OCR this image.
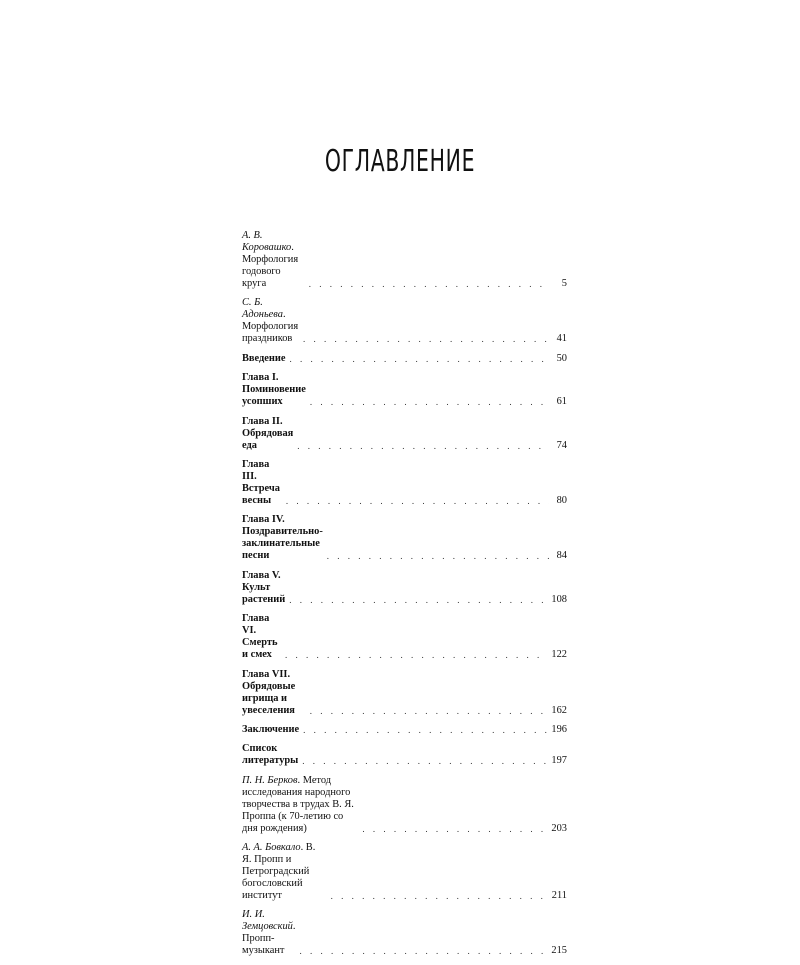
ОГЛАВЛЕНИЕ
А. В. Коровашко. Морфология годового круга . . .	5
С. Б. Адоньева. Морфология праздников . . .	41
Введение . . .	50
Глава I. Поминовение усопших . . .	61
Глава II. Обрядовая еда . . .	74
Глава III. Встреча весны . . .	80
Глава IV. Поздравительно-заклинательные песни . . .	84
Глава V. Культ растений . . .	108
Глава VI. Смерть и смех . . .	122
Глава VII. Обрядовые игрища и увеселения . . .	162
Заключение . . .	196
Список литературы . . .	197
П. Н. Берков. Метод исследования народного творчества в трудах В. Я. Проппа (к 70-летию со дня рождения) . . .	203
А. А. Бовкало. В. Я. Пропп и Петроградский богословский институт . . .	211
И. И. Земцовский. Пропп-музыкант . . .	215
